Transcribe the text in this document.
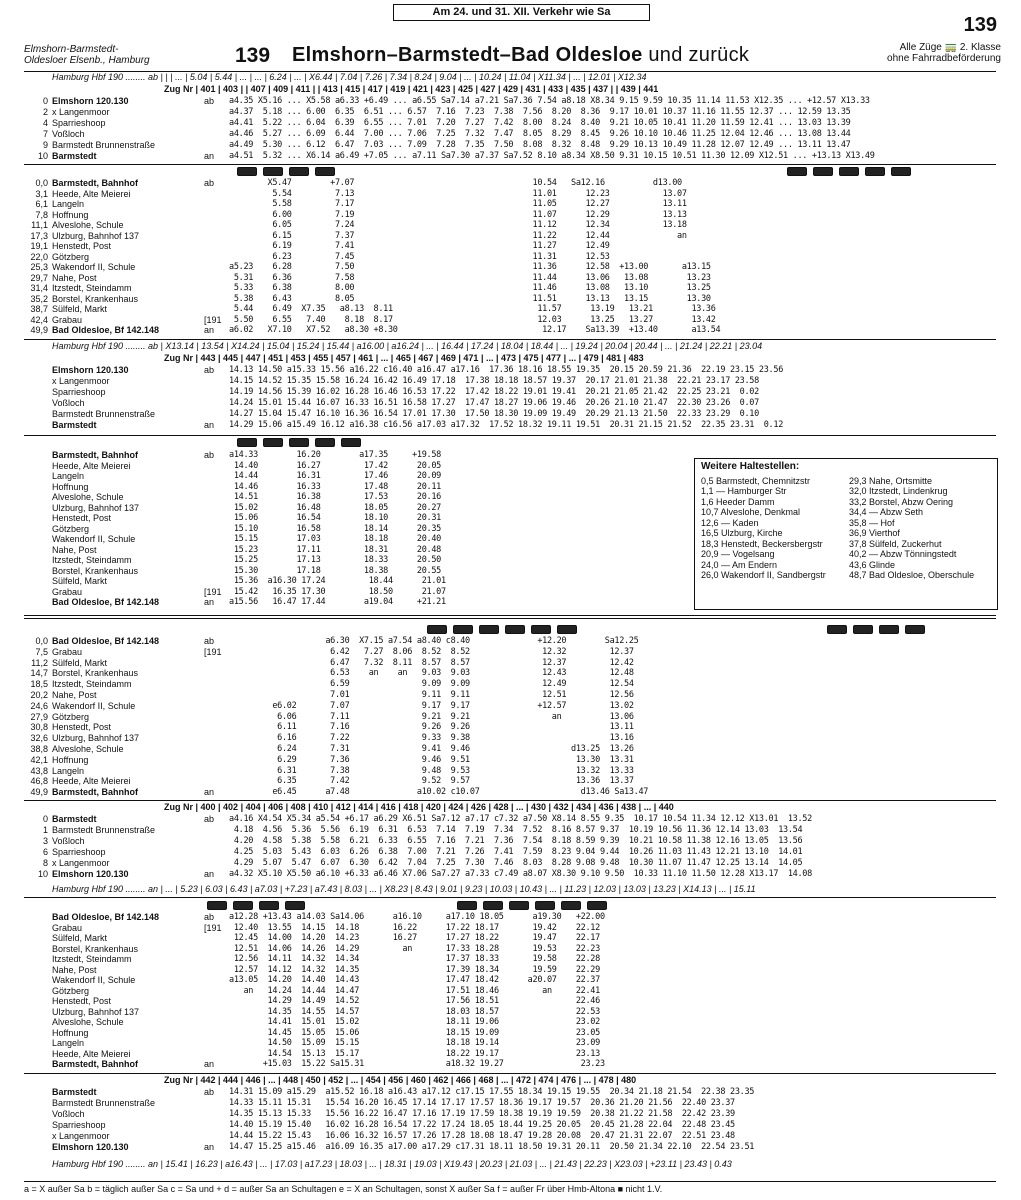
Am 24. und 31. XII. Verkehr wie Sa
139
Elmshorn-Barmstedt-
Oldesloer Elsenb., Hamburg	139 Elmshorn–Barmstedt–Bad Oldesloe und zurück	Alle Züge 🚃 2. Klasse
ohne Fahrradbeförderung
Hamburg Hbf 190 ........ ab | | | ... | 5.04 | 5.44 | ... | ... | 6.24 | ... | X6.44 | 7.04 | 7.26 | 7.34 | 8.24 | 9.04 | ... | 10.24 | 11.04 | X11.34 | ... | 12.01 | X12.34
Zug Nr | 401 | 403 | | 407 | 409 | 411 | | 413 | 415 | 417 | 419 | 421 | 423 | 425 | 427 | 429 | 431 | 433 | 435 | 437 | | 439 | 441
0 Elmshorn 120.130	ab a4.35 X5.16 ... X5.58 a6.33 +6.49 ... a6.55 Sa7.14 a7.21 Sa7.36 7.54 a8.18 X8.34 9.15 9.59 10.35 11.14 11.53 X12.35 ... +12.57 X13.33
2 x Langenmoor	a4.37  5.18 ... 6.00  6.35  6.51 ... 6.57  7.16  7.23  7.38  7.56  8.20  8.36  9.17 10.01 10.37 11.16 11.55 12.37 ... 12.59 13.35
4 Sparrieshoop	a4.41  5.22 ... 6.04  6.39  6.55 ... 7.01  7.20  7.27  7.42  8.00  8.24  8.40  9.21 10.05 10.41 11.20 11.59 12.41 ... 13.03 13.39
7 Voßloch	a4.46  5.27 ... 6.09  6.44  7.00 ... 7.06  7.25  7.32  7.47  8.05  8.29  8.45  9.26 10.10 10.46 11.25 12.04 12.46 ... 13.08 13.44
9 Barmstedt Brunnenstraße	a4.49  5.30 ... 6.12  6.47  7.03 ... 7.09  7.28  7.35  7.50  8.08  8.32  8.48  9.29 10.13 10.49 11.28 12.07 12.49 ... 13.11 13.47
10 Barmstedt	an a4.51  5.32 ... X6.14 a6.49 +7.05 ... a7.11 Sa7.30 a7.37 Sa7.52 8.10 a8.34 X8.50 9.31 10.15 10.51 11.30 12.09 X12.51 ... +13.13 X13.49
0,0 Barmstedt, Bahnhof	ab X5.47        +7.07                                     10.54   Sa12.16          d13.00
3,1 Heede, Alte Meierei	5.54         7.13                                     11.01      12.23           13.07
6,1 Langeln	5.58         7.17                                     11.05      12.27           13.11
7,8 Hoffnung	6.00         7.19                                     11.07      12.29           13.13
11,1 Alveslohe, Schule	6.05         7.24                                     11.12      12.34           13.18
17,3 Ulzburg, Bahnhof 137	6.15         7.37                                     11.22      12.44              an
19,1 Henstedt, Post	6.19         7.41                                     11.27      12.49
22,0 Götzberg	6.23         7.45                                     11.31      12.53
25,3 Wakendorf II, Schule	a5.23    6.28         7.50                                     11.36      12.58  +13.00       a13.15
29,7 Nahe, Post	5.31    6.36         7.58                                     11.44      13.06   13.08        13.23
31,4 Itzstedt, Steindamm	5.33    6.38         8.00                                     11.46      13.08   13.10        13.25
35,2 Borstel, Krankenhaus	5.38    6.43         8.05                                     11.51      13.13   13.15        13.30
38,7 Sülfeld, Markt	5.44    6.49  X7.35   a8.13  8.11                              11.57      13.19   13.21        13.36
42,4 Grabau	[191 5.50    6.55   7.40    8.18  8.17                              12.03      13.25   13.27        13.42
49,9 Bad Oldesloe, Bf 142.148	an a6.02   X7.10   X7.52   a8.30 +8.30                              12.17    Sa13.39  +13.40       a13.54
Hamburg Hbf 190 ........ ab | X13.14 | 13.54 | X14.24 | 15.04 | 15.24 | 15.44 | a16.00 | a16.24 | ... | 16.44 | 17.24 | 18.04 | 18.44 | ... | 19.24 | 20.04 | 20.44 | ... | 21.24 | 22.21 | 23.04
Zug Nr | 443 | 445 | 447 | 451 | 453 | 455 | 457 | 461 | ... | 465 | 467 | 469 | 471 | ... | 473 | 475 | 477 | ... | 479 | 481 | 483
Elmshorn 120.130	ab 14.13 14.50 a15.33 15.56 a16.22 c16.40 a16.47 a17.16  17.36 18.16 18.55 19.35  20.15 20.59 21.36  22.19 23.15 23.56
x Langenmoor	14.15 14.52 15.35 15.58 16.24 16.42 16.49 17.18  17.38 18.18 18.57 19.37  20.17 21.01 21.38  22.21 23.17 23.58
Sparrieshoop	14.19 14.56 15.39 16.02 16.28 16.46 16.53 17.22  17.42 18.22 19.01 19.41  20.21 21.05 21.42  22.25 23.21  0.02
Voßloch	14.24 15.01 15.44 16.07 16.33 16.51 16.58 17.27  17.47 18.27 19.06 19.46  20.26 21.10 21.47  22.30 23.26  0.07
Barmstedt Brunnenstraße	14.27 15.04 15.47 16.10 16.36 16.54 17.01 17.30  17.50 18.30 19.09 19.49  20.29 21.13 21.50  22.33 23.29  0.10
Barmstedt	an 14.29 15.06 a15.49 16.12 a16.38 c16.56 a17.03 a17.32  17.52 18.32 19.11 19.51  20.31 21.15 21.52  22.35 23.31  0.12
Barmstedt, Bahnhof	ab a14.33        16.20        a17.35     +19.58
Heede, Alte Meierei	14.40        16.27         17.42      20.05
Langeln	14.44        16.31         17.46      20.09
Hoffnung	14.46        16.33         17.48      20.11
Alveslohe, Schule	14.51        16.38         17.53      20.16
Ulzburg, Bahnhof 137	15.02        16.48         18.05      20.27
Henstedt, Post	15.06        16.54         18.10      20.31
Götzberg	15.10        16.58         18.14      20.35
Wakendorf II, Schule	15.15        17.03         18.18      20.40
Nahe, Post	15.23        17.11         18.31      20.48
Itzstedt, Steindamm	15.25        17.13         18.33      20.50
Borstel, Krankenhaus	15.30        17.18         18.38      20.55
Sülfeld, Markt	15.36  a16.30 17.24         18.44      21.01
Grabau	[191 15.42   16.35 17.30         18.50      21.07
Bad Oldesloe, Bf 142.148	an a15.56   16.47 17.44        a19.04     +21.21
Weitere Haltestellen:
0,5 Barmstedt, Chemnitzstr
1,1 — Hamburger Str
1,6 Heeder Damm
10,7 Alveslohe, Denkmal
12,6 — Kaden
16,5 Ulzburg, Kirche
18,3 Henstedt, Beckersbergstr
20,9 — Vogelsang
24,0 — Am Endern
26,0 Wakendorf II, Sandbergstr
29,3 Nahe, Ortsmitte
32,0 Itzstedt, Lindenkrug
33,2 Borstel, Abzw Oering
34,4 — Abzw Seth
35,8 — Hof
36,9 Vierthof
37,8 Sülfeld, Zuckerhut
40,2 — Abzw Tönningstedt
43,6 Glinde
48,7 Bad Oldesloe, Oberschule
0,0 Bad Oldesloe, Bf 142.148	ab a6.30  X7.15 a7.54 a8.40 c8.40              +12.20        Sa12.25
7,5 Grabau	[191 6.42   7.27  8.06  8.52  8.52               12.32         12.37
11,2 Sülfeld, Markt	6.47   7.32  8.11  8.57  8.57               12.37         12.42
14,7 Borstel, Krankenhaus	6.53    an    an   9.03  9.03               12.43         12.48
18,5 Itzstedt, Steindamm	6.59               9.09  9.09               12.49         12.54
20,2 Nahe, Post	7.01               9.11  9.11               12.51         12.56
24,6 Wakendorf II, Schule	e6.02       7.07               9.17  9.17              +12.57         13.02
27,9 Götzberg	6.06       7.11               9.21  9.21                 an          13.06
30,8 Henstedt, Post	6.11       7.16               9.26  9.26                             13.11
32,6 Ulzburg, Bahnhof 137	6.16       7.22               9.33  9.38                             13.16
38,8 Alveslohe, Schule	6.24       7.31               9.41  9.46                     d13.25  13.26
42,1 Hoffnung	6.29       7.36               9.46  9.51                      13.30  13.31
43,8 Langeln	6.31       7.38               9.48  9.53                      13.32  13.33
46,8 Heede, Alte Meierei	6.35       7.42               9.52  9.57                      13.36  13.37
49,9 Barmstedt, Bahnhof	an e6.45      a7.48              a10.02 c10.07                     d13.46 Sa13.47
Zug Nr | 400 | 402 | 404 | 406 | 408 | 410 | 412 | 414 | 416 | 418 | 420 | 424 | 426 | 428 | ... | 430 | 432 | 434 | 436 | 438 | ... | 440
0 Barmstedt	ab a4.16 X4.54 X5.34 a5.54 +6.17 a6.29 X6.51 Sa7.12 a7.17 c7.32 a7.50 X8.14 8.55 9.35  10.17 10.54 11.34 12.12 X13.01  13.52
1 Barmstedt Brunnenstraße	4.18  4.56  5.36  5.56  6.19  6.31  6.53  7.14  7.19  7.34  7.52  8.16 8.57 9.37  10.19 10.56 11.36 12.14 13.03  13.54
3 Voßloch	4.20  4.58  5.38  5.58  6.21  6.33  6.55  7.16  7.21  7.36  7.54  8.18 8.59 9.39  10.21 10.58 11.38 12.16 13.05  13.56
6 Sparrieshoop	4.25  5.03  5.43  6.03  6.26  6.38  7.00  7.21  7.26  7.41  7.59  8.23 9.04 9.44  10.26 11.03 11.43 12.21 13.10  14.01
8 x Langenmoor	4.29  5.07  5.47  6.07  6.30  6.42  7.04  7.25  7.30  7.46  8.03  8.28 9.08 9.48  10.30 11.07 11.47 12.25 13.14  14.05
10 Elmshorn 120.130	an a4.32 X5.10 X5.50 a6.10 +6.33 a6.46 X7.06 Sa7.27 a7.33 c7.49 a8.07 X8.30 9.10 9.50  10.33 11.10 11.50 12.28 X13.17  14.08
Hamburg Hbf 190 ........ an | ... | 5.23 | 6.03 | 6.43 | a7.03 | +7.23 | a7.43 | 8.03 | ... | X8.23 | 8.43 | 9.01 | 9.23 | 10.03 | 10.43 | ... | 11.23 | 12.03 | 13.03 | 13.23 | X14.13 | ... | 15.11
Bad Oldesloe, Bf 142.148	ab a12.28 +13.43 a14.03 Sa14.06      a16.10     a17.10 18.05      a19.30   +22.00
Grabau	[191 12.40  13.55  14.15  14.18       16.22      17.22 18.17       19.42    22.12
Sülfeld, Markt	12.45  14.00  14.20  14.23       16.27      17.27 18.22       19.47    22.17
Borstel, Krankenhaus	12.51  14.06  14.26  14.29         an       17.33 18.28       19.53    22.23
Itzstedt, Steindamm	12.56  14.11  14.32  14.34                  17.37 18.33       19.58    22.28
Nahe, Post	12.57  14.12  14.32  14.35                  17.39 18.34       19.59    22.29
Wakendorf II, Schule	a13.05  14.20  14.40  14.43                  17.47 18.42      a20.07    22.37
Götzberg	an   14.24  14.44  14.47                  17.51 18.46         an     22.41
Henstedt, Post	14.29  14.49  14.52                  17.56 18.51                22.46
Ulzburg, Bahnhof 137	14.35  14.55  14.57                  18.03 18.57                22.53
Alveslohe, Schule	14.41  15.01  15.02                  18.11 19.06                23.02
Hoffnung	14.45  15.05  15.06                  18.15 19.09                23.05
Langeln	14.50  15.09  15.15                  18.18 19.14                23.09
Heede, Alte Meierei	14.54  15.13  15.17                  18.22 19.17                23.13
Barmstedt, Bahnhof	an +15.03  15.22 Sa15.31                 a18.32 19.27                23.23
Zug Nr | 442 | 444 | 446 | ... | 448 | 450 | 452 | ... | 454 | 456 | 460 | 462 | 466 | 468 | ... | 472 | 474 | 476 | ... | 478 | 480
Barmstedt	ab 14.31 15.09 a15.29  a15.52 16.18 a16.43 a17.12 c17.15 17.55 18.34 19.15 19.55  20.34 21.18 21.54  22.38 23.35
Barmstedt Brunnenstraße	14.33 15.11 15.31   15.54 16.20 16.45 17.14 17.17 17.57 18.36 19.17 19.57  20.36 21.20 21.56  22.40 23.37
Voßloch	14.35 15.13 15.33   15.56 16.22 16.47 17.16 17.19 17.59 18.38 19.19 19.59  20.38 21.22 21.58  22.42 23.39
Sparrieshoop	14.40 15.19 15.40   16.02 16.28 16.54 17.22 17.24 18.05 18.44 19.25 20.05  20.45 21.28 22.04  22.48 23.45
x Langenmoor	14.44 15.22 15.43   16.06 16.32 16.57 17.26 17.28 18.08 18.47 19.28 20.08  20.47 21.31 22.07  22.51 23.48
Elmshorn 120.130	an 14.47 15.25 a15.46  a16.09 16.35 a17.00 a17.29 c17.31 18.11 18.50 19.31 20.11  20.50 21.34 22.10  22.54 23.51
Hamburg Hbf 190 ........ an | 15.41 | 16.23 | a16.43 | ... | 17.03 | a17.23 | 18.03 | ... | 18.31 | 19.03 | X19.43 | 20.23 | 21.03 | ... | 21.43 | 22.23 | X23.03 | +23.11 | 23.43 | 0.43
a = X außer Sa b = täglich außer Sa c = Sa und + d = außer Sa an Schultagen e = X an Schultagen, sonst X außer Sa f = außer Fr über Hmb-Altona ■ nicht 1.V.
